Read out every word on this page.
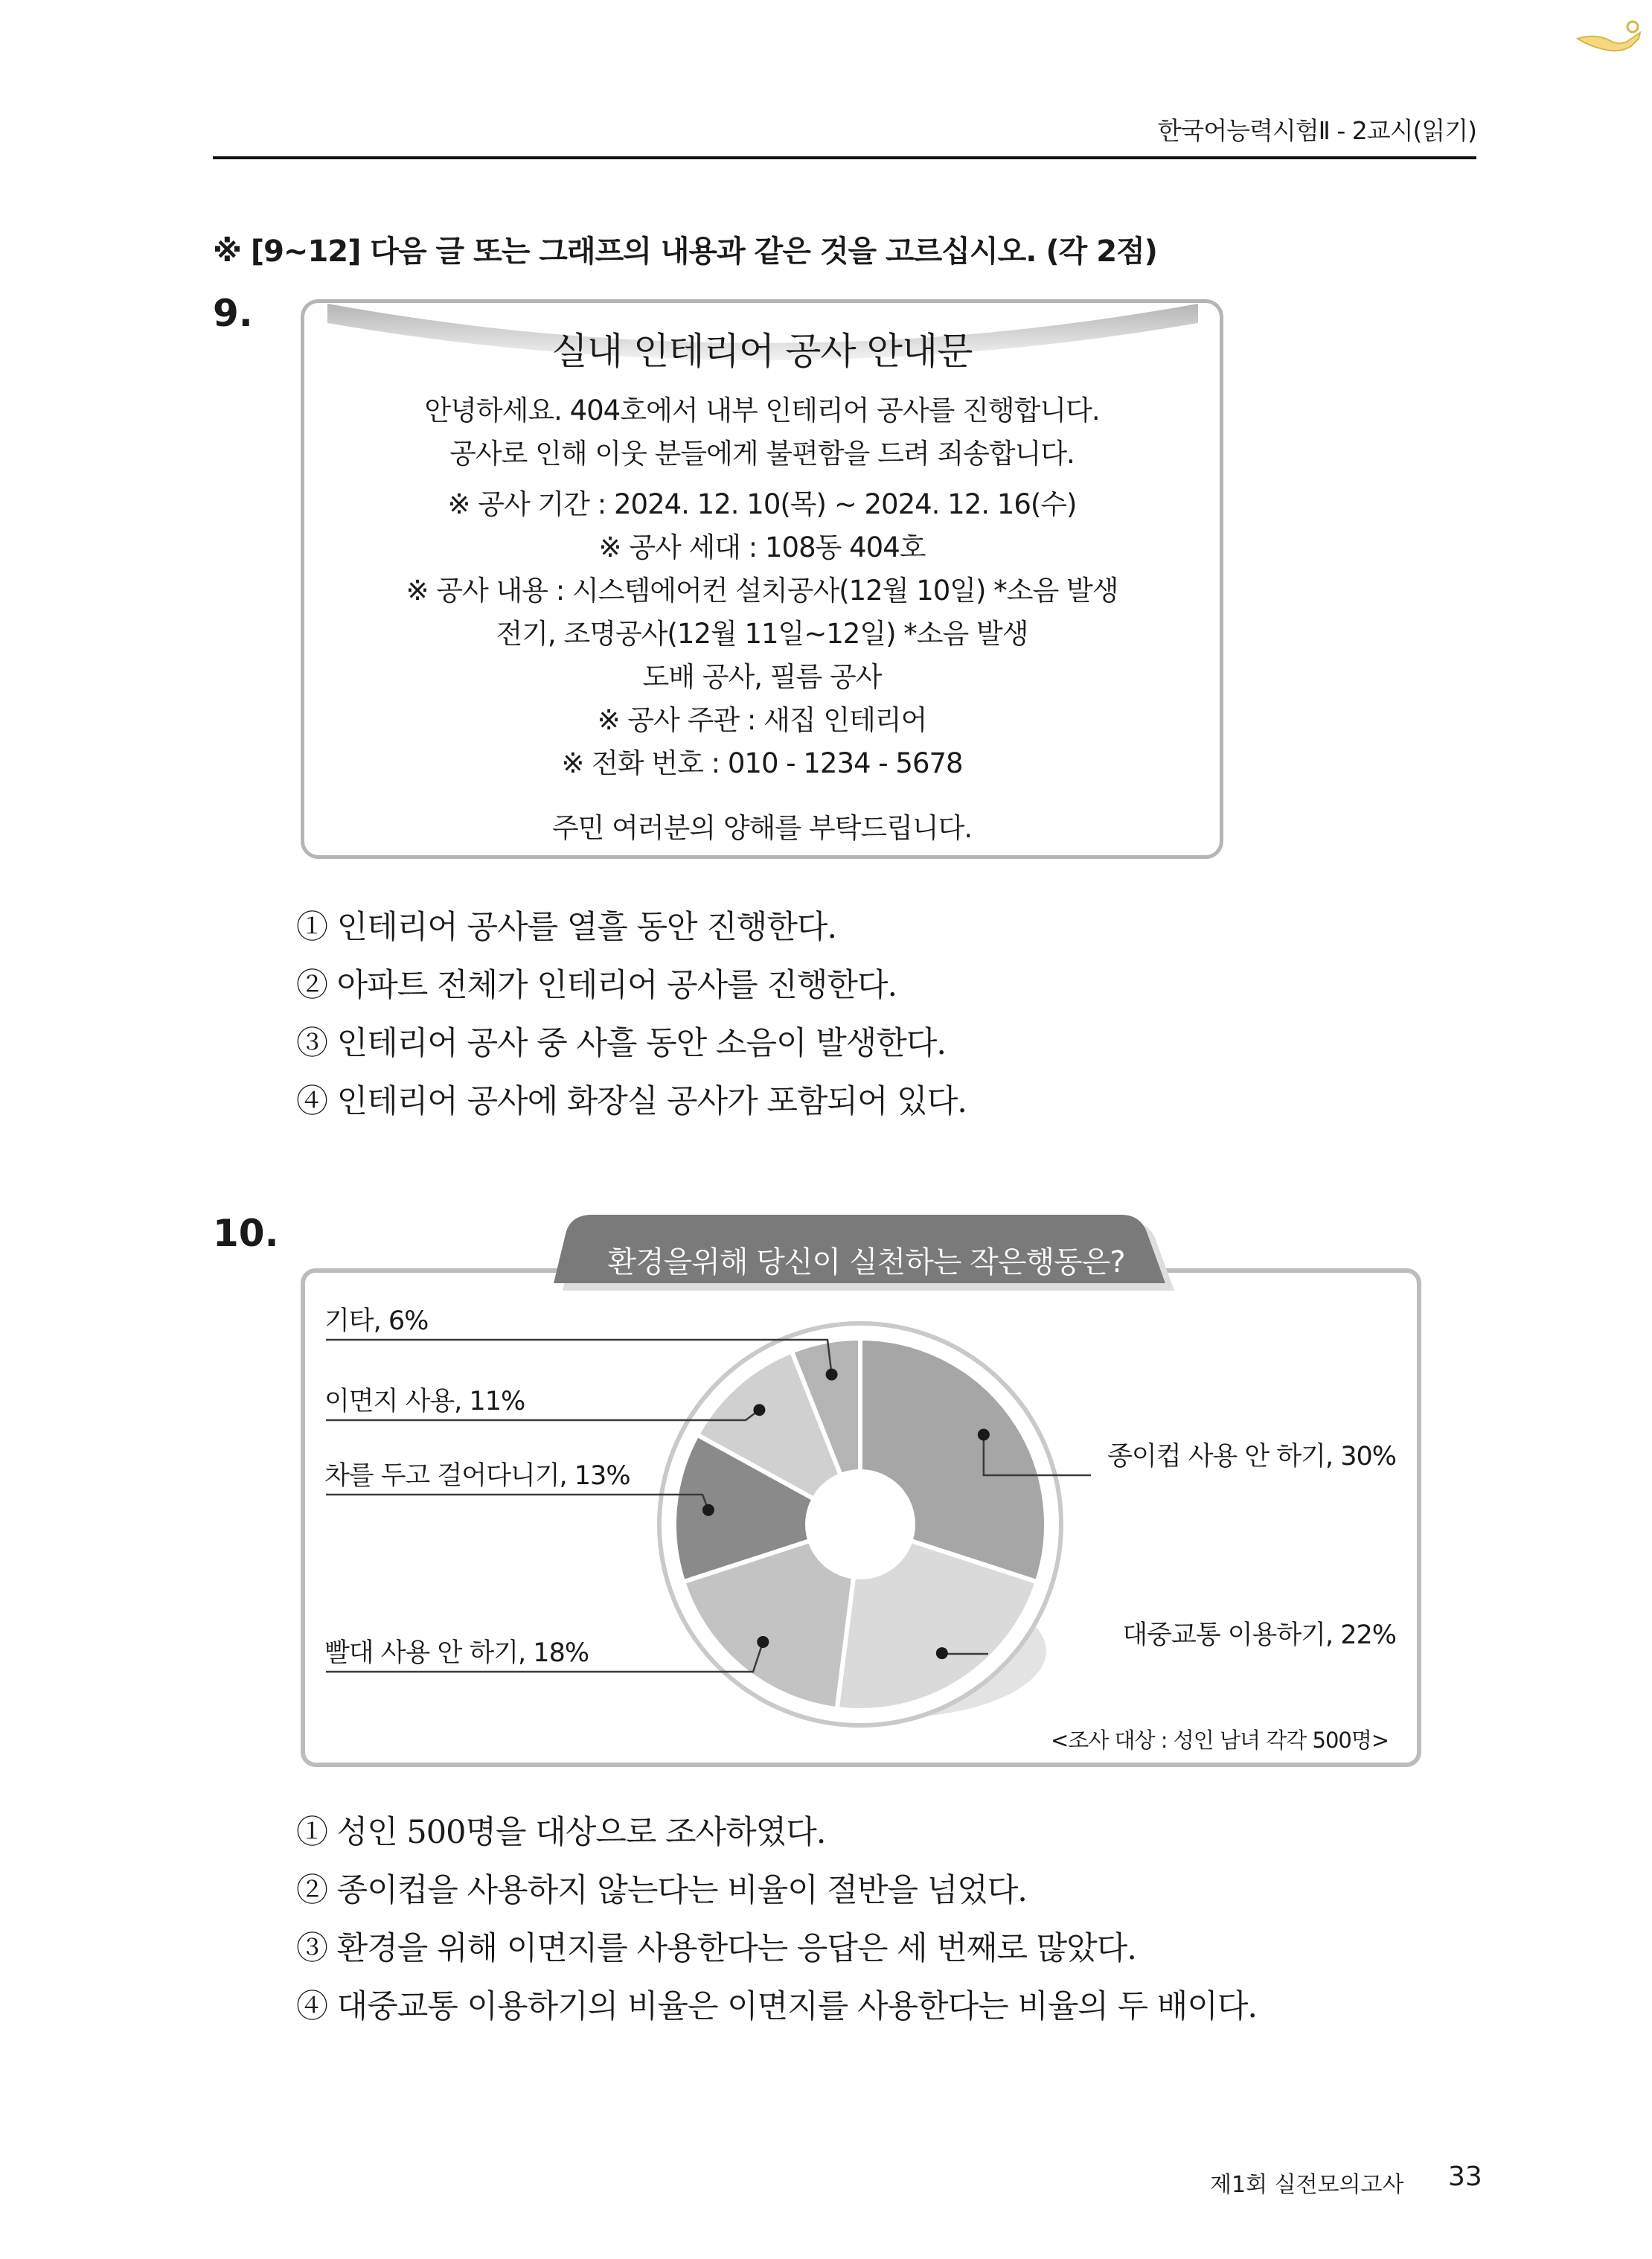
한국어능력시험Ⅱ - 2교시(읽기)
※ [9~12] 다음 글 또는 그래프의 내용과 같은 것을 고르십시오. (각 2점)
9.
실내 인테리어 공사 안내문
안녕하세요. 404호에서 내부 인테리어 공사를 진행합니다.
공사로 인해 이웃 분들에게 불편함을 드려 죄송합니다.
※ 공사 기간 : 2024. 12. 10(목) ~ 2024. 12. 16(수)
※ 공사 세대 : 108동 404호
※ 공사 내용 : 시스템에어컨 설치공사(12월 10일) *소음 발생
전기, 조명공사(12월 11일~12일) *소음 발생
도배 공사, 필름 공사
※ 공사 주관 : 새집 인테리어
※ 전화 번호 : 010 - 1234 - 5678
주민 여러분의 양해를 부탁드립니다.
① 인테리어 공사를 열흘 동안 진행한다.
② 아파트 전체가 인테리어 공사를 진행한다.
③ 인테리어 공사 중 사흘 동안 소음이 발생한다.
④ 인테리어 공사에 화장실 공사가 포함되어 있다.
10.
환경을위해 당신이 실천하는 작은행동은?
종이컵 사용 안 하기, 30%
대중교통 이용하기, 22%
빨대 사용 안 하기, 18%
차를 두고 걸어다니기, 13%
이면지 사용, 11%
기타, 6%
<조사 대상 : 성인 남녀 각각 500명>
① 성인 500명을 대상으로 조사하였다.
② 종이컵을 사용하지 않는다는 비율이 절반을 넘었다.
③ 환경을 위해 이면지를 사용한다는 응답은 세 번째로 많았다.
④ 대중교통 이용하기의 비율은 이면지를 사용한다는 비율의 두 배이다.
제1회 실전모의고사 33
